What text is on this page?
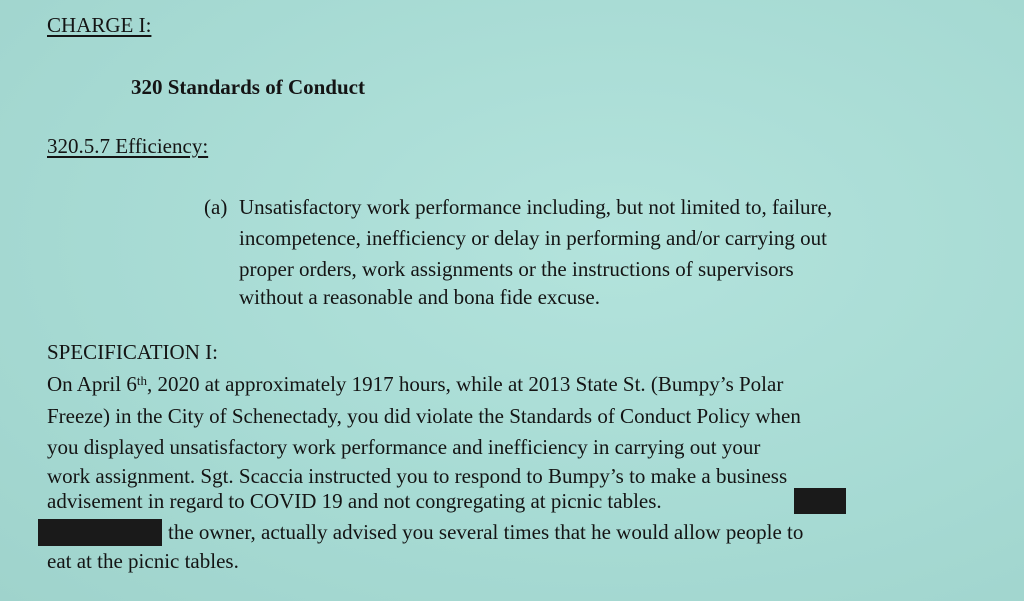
CHARGE I:
320 Standards of Conduct
320.5.7 Efficiency:
(a) Unsatisfactory work performance including, but not limited to, failure,
incompetence, inefficiency or delay in performing and/or carrying out
proper orders, work assignments or the instructions of supervisors
without a reasonable and bona fide excuse.
SPECIFICATION I:
On April 6th, 2020 at approximately 1917 hours, while at 2013 State St. (Bumpy’s Polar
Freeze) in the City of Schenectady, you did violate the Standards of Conduct Policy when
you displayed unsatisfactory work performance and inefficiency in carrying out your
work assignment. Sgt. Scaccia instructed you to respond to Bumpy’s to make a business
advisement in regard to COVID 19 and not congregating at picnic tables.
the owner, actually advised you several times that he would allow people to
eat at the picnic tables.
